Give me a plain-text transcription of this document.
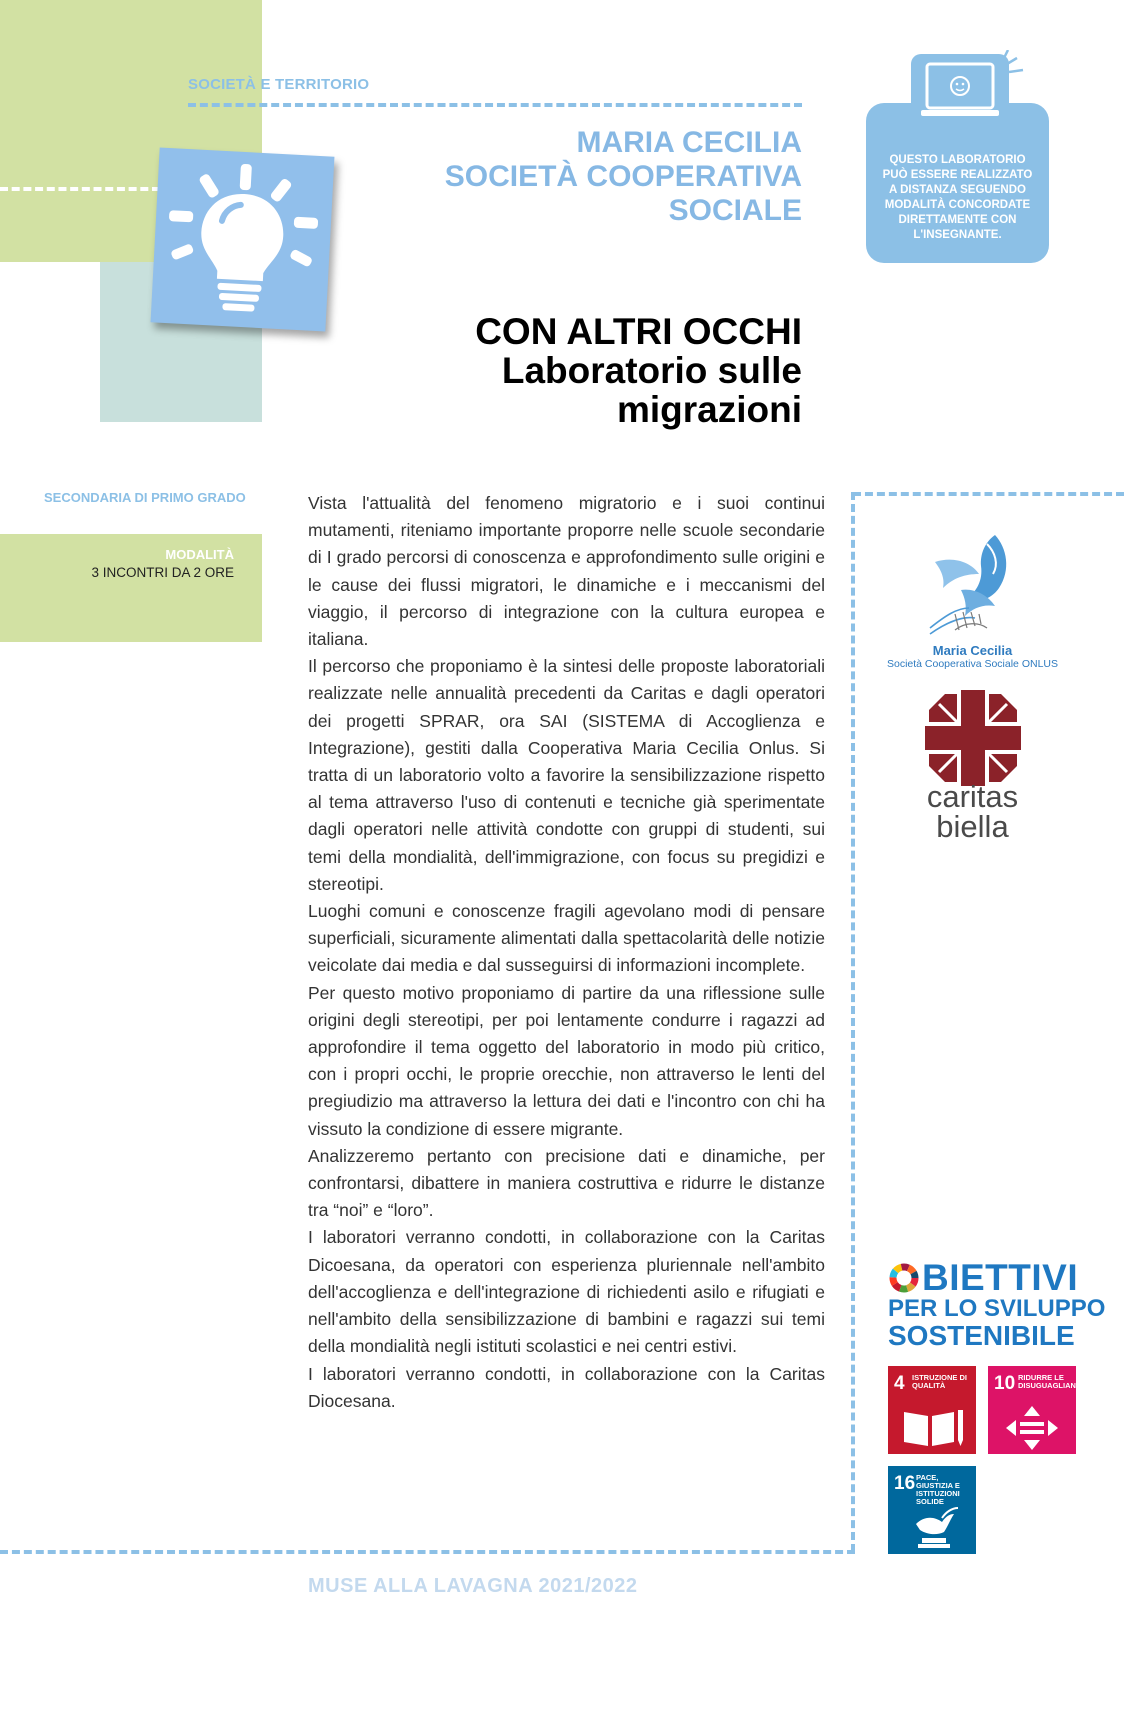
SOCIETÀ E TERRITORIO
MARIA CECILIA
SOCIETÀ COOPERATIVA
SOCIALE
QUESTO LABORATORIO
PUÒ ESSERE REALIZZATO
A DISTANZA SEGUENDO
MODALITÀ CONCORDATE
DIRETTAMENTE CON
L'INSEGNANTE.
CON ALTRI OCCHI
Laboratorio sulle
migrazioni
SECONDARIA DI PRIMO GRADO
MODALITÀ
3 INCONTRI DA 2 ORE

Vista l'attualità del fenomeno migratorio e i suoi continui mutamenti, riteniamo importante proporre nelle scuole secondarie di I grado percorsi di conoscenza e approfondimento sulle origini e le cause dei flussi migratori, le dinamiche e i meccanismi del viaggio, il percorso di integrazione con la cultura europea e italiana.

Il percorso che proponiamo è la sintesi delle proposte laboratoriali realizzate nelle annualità precedenti da Caritas e dagli operatori dei progetti SPRAR, ora SAI (SISTEMA di Accoglienza e Integrazione), gestiti dalla Cooperativa Maria Cecilia Onlus. Si tratta di un laboratorio volto a favorire la sensibilizzazione rispetto al tema attraverso l'uso di contenuti e tecniche già sperimentate dagli operatori nelle attività condotte con gruppi di studenti, sui temi della mondialità, dell'immigrazione, con focus su pregidizi e stereotipi.

Luoghi comuni e conoscenze fragili agevolano modi di pensare superficiali, sicuramente alimentati dalla spettacolarità delle notizie veicolate dai media e dal susseguirsi di informazioni incomplete.

Per questo motivo proponiamo di partire da una riflessione sulle origini degli stereotipi, per poi lentamente condurre i ragazzi ad approfondire il tema oggetto del laboratorio in modo più critico, con i propri occhi, le proprie orecchie, non attraverso le lenti del pregiudizio ma attraverso la lettura dei dati e l'incontro con chi ha vissuto la condizione di essere migrante.

Analizzeremo pertanto con precisione dati e dinamiche, per confrontarsi, dibattere in maniera costruttiva e ridurre le distanze tra “noi” e “loro”.

I laboratori verranno condotti, in collaborazione con la Caritas Dicoesana, da operatori con esperienza pluriennale nell'ambito dell'accoglienza e dell'integrazione di richiedenti asilo e rifugiati e nell'ambito della sensibilizzazione di bambini e ragazzi sui temi della mondialità negli istituti scolastici e nei centri estivi.

I laboratori verranno condotti, in collaborazione con la Caritas Diocesana.

Maria Cecilia
Società Cooperativa Sociale ONLUS
caritas
biella
BIETTIVI
PER LO SVILUPPO
SOSTENIBILE
4 ISTRUZIONE DI QUALITÀ	10 RIDURRE LE DISUGUAGLIANZE
16 PACE, GIUSTIZIA E ISTITUZIONI SOLIDE
MUSE ALLA LAVAGNA 2021/2022
